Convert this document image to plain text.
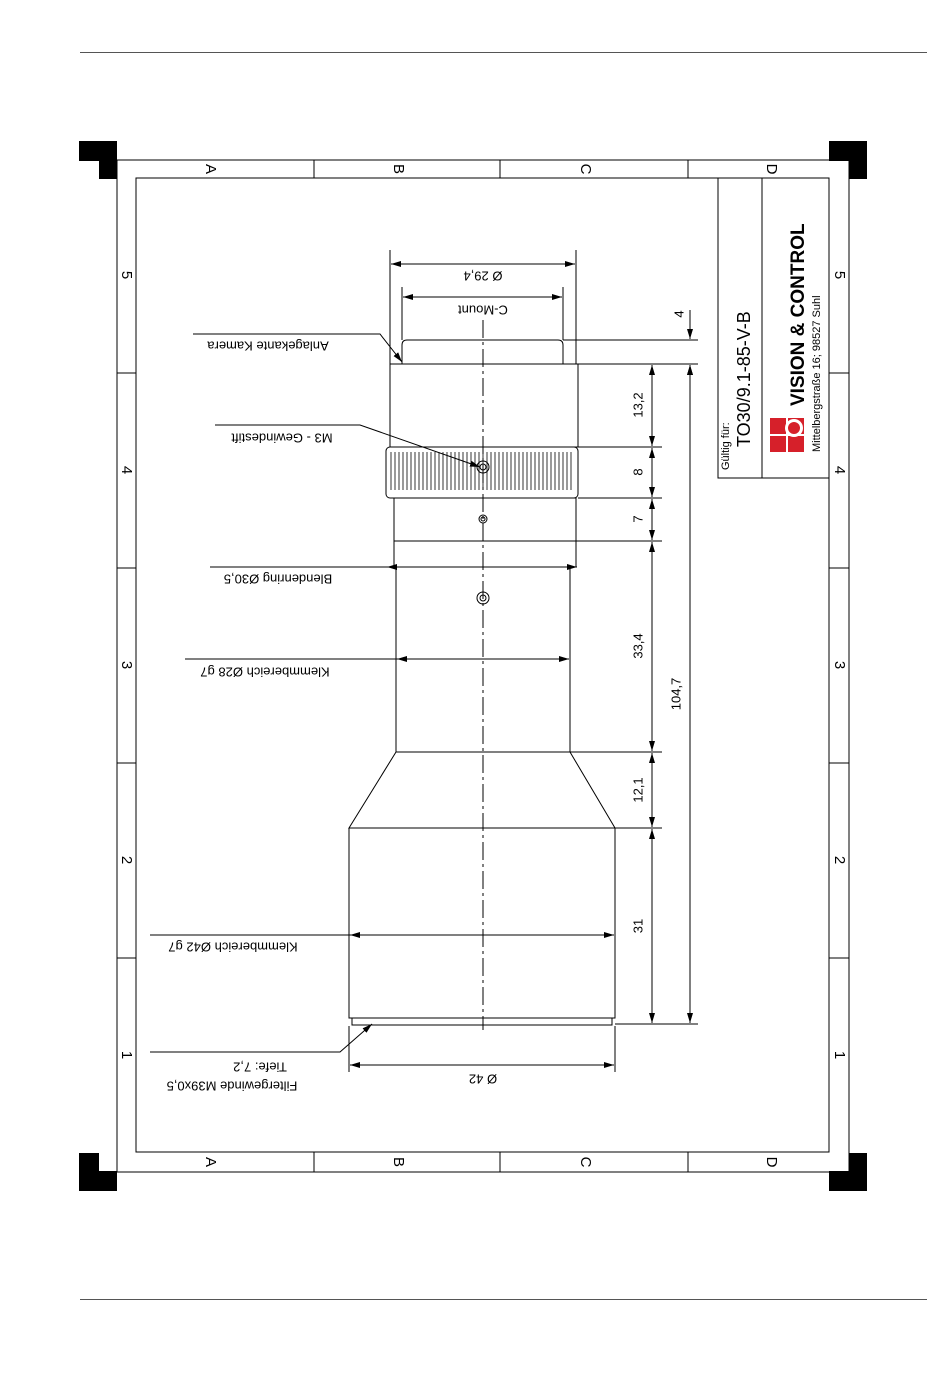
A	B	C	D
A	B	C	D
5
4
3
2
1
5
4
3
2
1
Gültig für: TO30/9.1-85-V-B VISION & CONTROL Mittelbergstraße 16; 98527 Suhl
Ø 29,4
C-Mount
Ø 42
Anlagekante Kamera
M3 - Gewindestift
Blendenring Ø30,5
Klemmbereich Ø28 g7
Klemmbereich Ø42 g7
Filtergewinde M39x0,5
Tiefe: 7,2
4
13,2
8
7
33,4
12,1
31
104,7
